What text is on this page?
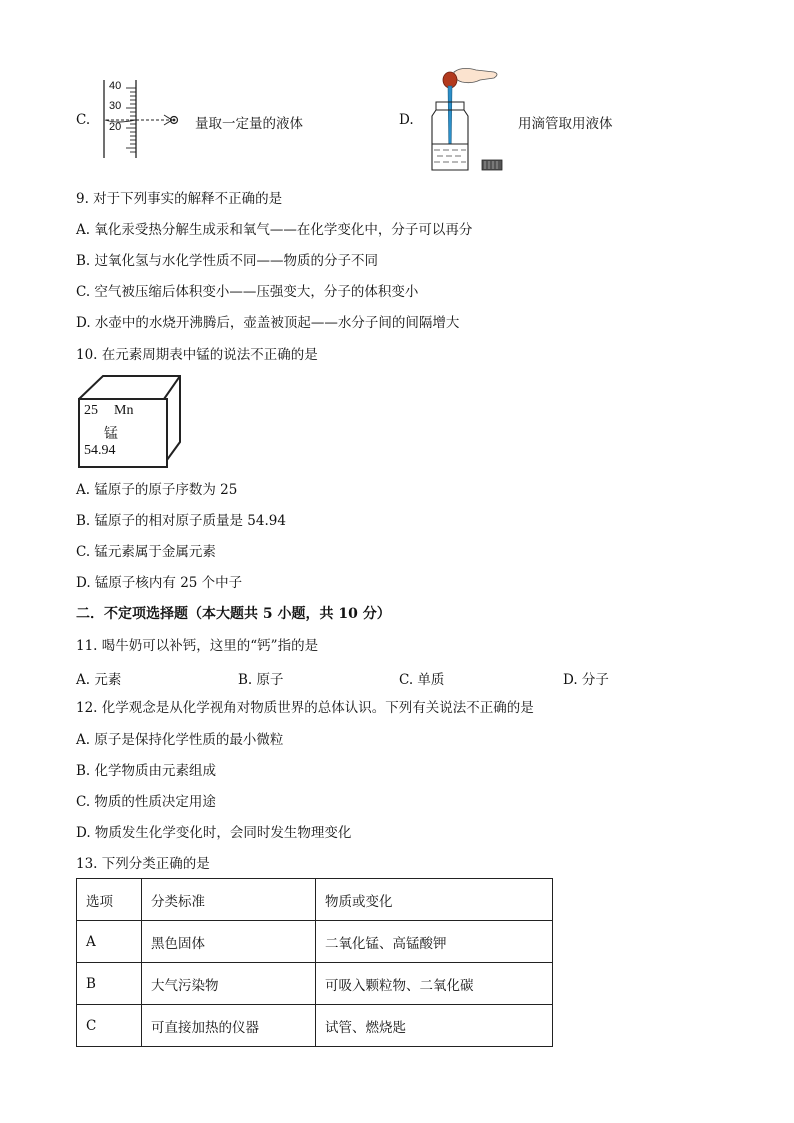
C.
40
30
20	量取一定量的液体	D.	用滴管取用液体
9. 对于下列事实的解释不正确的是
A. 氧化汞受热分解生成汞和氧气——在化学变化中，分子可以再分
B. 过氧化氢与水化学性质不同——物质的分子不同
C. 空气被压缩后体积变小——压强变大，分子的体积变小
D. 水壶中的水烧开沸腾后，壶盖被顶起——水分子间的间隔增大
10. 在元素周期表中锰的说法不正确的是
25 Mn
锰
54.94
A. 锰原子的原子序数为 25
B. 锰原子的相对原子质量是 54.94
C. 锰元素属于金属元素
D. 锰原子核内有 25 个中子
二．不定项选择题（本大题共 5 小题，共 10 分）
11. 喝牛奶可以补钙，这里的“钙”指的是
A. 元素	B. 原子	C. 单质	D. 分子
12. 化学观念是从化学视角对物质世界的总体认识。下列有关说法不正确的是
A. 原子是保持化学性质的最小微粒
B. 化学物质由元素组成
C. 物质的性质决定用途
D. 物质发生化学变化时，会同时发生物理变化
13. 下列分类正确的是
选项	分类标准	物质或变化
A	黑色固体	二氧化锰、高锰酸钾
B	大气污染物	可吸入颗粒物、二氧化碳
C	可直接加热的仪器	试管、燃烧匙
